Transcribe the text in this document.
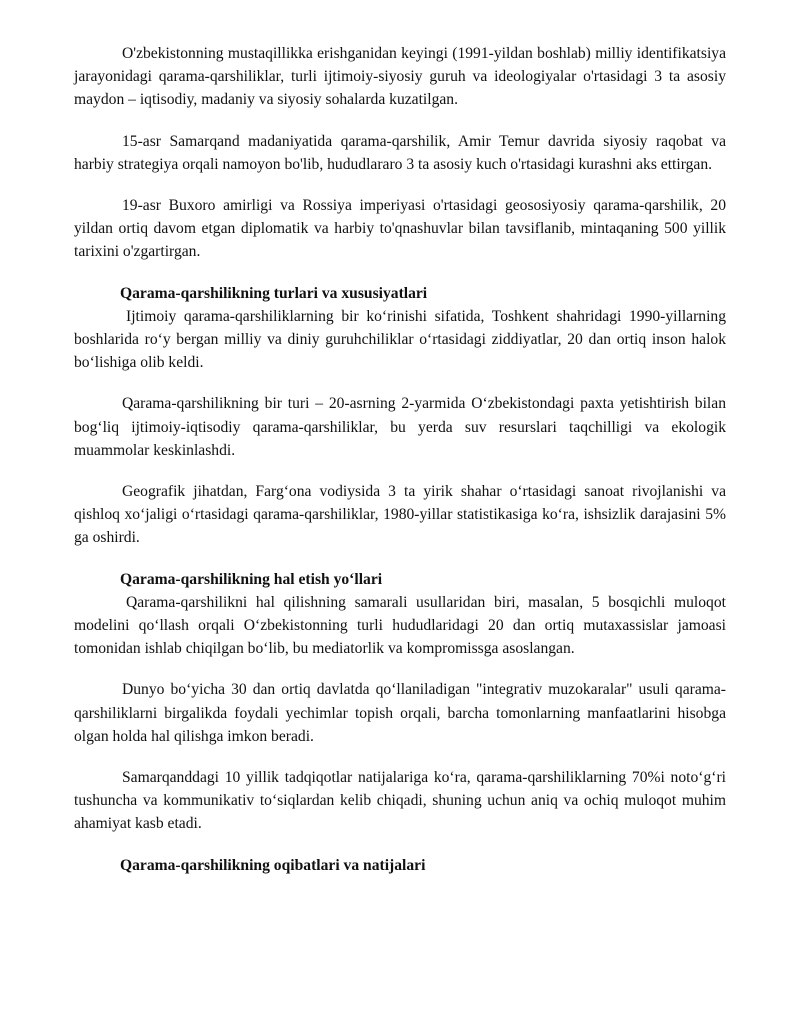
O'zbekistonning mustaqillikka erishganidan keyingi (1991-yildan boshlab) milliy identifikatsiya jarayonidagi qarama-qarshiliklar, turli ijtimoiy-siyosiy guruh va ideologiyalar o'rtasidagi 3 ta asosiy maydon – iqtisodiy, madaniy va siyosiy sohalarda kuzatilgan.

15-asr Samarqand madaniyatida qarama-qarshilik, Amir Temur davrida siyosiy raqobat va harbiy strategiya orqali namoyon bo'lib, hududlararo 3 ta asosiy kuch o'rtasidagi kurashni aks ettirgan.

19-asr Buxoro amirligi va Rossiya imperiyasi o'rtasidagi geososiyosiy qarama-qarshilik, 20 yildan ortiq davom etgan diplomatik va harbiy to'qnashuvlar bilan tavsiflanib, mintaqaning 500 yillik tarixini o'zgartirgan.

Qarama-qarshilikning turlari va xususiyatlari

Ijtimoiy qarama-qarshiliklarning bir ko‘rinishi sifatida, Toshkent shahridagi 1990-yillarning boshlarida ro‘y bergan milliy va diniy guruhchiliklar o‘rtasidagi ziddiyatlar, 20 dan ortiq inson halok bo‘lishiga olib keldi.

Qarama-qarshilikning bir turi – 20-asrning 2-yarmida O‘zbekistondagi paxta yetishtirish bilan bog‘liq ijtimoiy-iqtisodiy qarama-qarshiliklar, bu yerda suv resurslari taqchilligi va ekologik muammolar keskinlashdi.

Geografik jihatdan, Farg‘ona vodiysida 3 ta yirik shahar o‘rtasidagi sanoat rivojlanishi va qishloq xo‘jaligi o‘rtasidagi qarama-qarshiliklar, 1980-yillar statistikasiga ko‘ra, ishsizlik darajasini 5% ga oshirdi.

Qarama-qarshilikning hal etish yo‘llari

Qarama-qarshilikni hal qilishning samarali usullaridan biri, masalan, 5 bosqichli muloqot modelini qo‘llash orqali O‘zbekistonning turli hududlaridagi 20 dan ortiq mutaxassislar jamoasi tomonidan ishlab chiqilgan bo‘lib, bu mediatorlik va kompromissga asoslangan.

Dunyo bo‘yicha 30 dan ortiq davlatda qo‘llaniladigan "integrativ muzokaralar" usuli qarama-qarshiliklarni birgalikda foydali yechimlar topish orqali, barcha tomonlarning manfaatlarini hisobga olgan holda hal qilishga imkon beradi.

Samarqanddagi 10 yillik tadqiqotlar natijalariga ko‘ra, qarama-qarshiliklarning 70%i noto‘g‘ri tushuncha va kommunikativ to‘siqlardan kelib chiqadi, shuning uchun aniq va ochiq muloqot muhim ahamiyat kasb etadi.

Qarama-qarshilikning oqibatlari va natijalari
